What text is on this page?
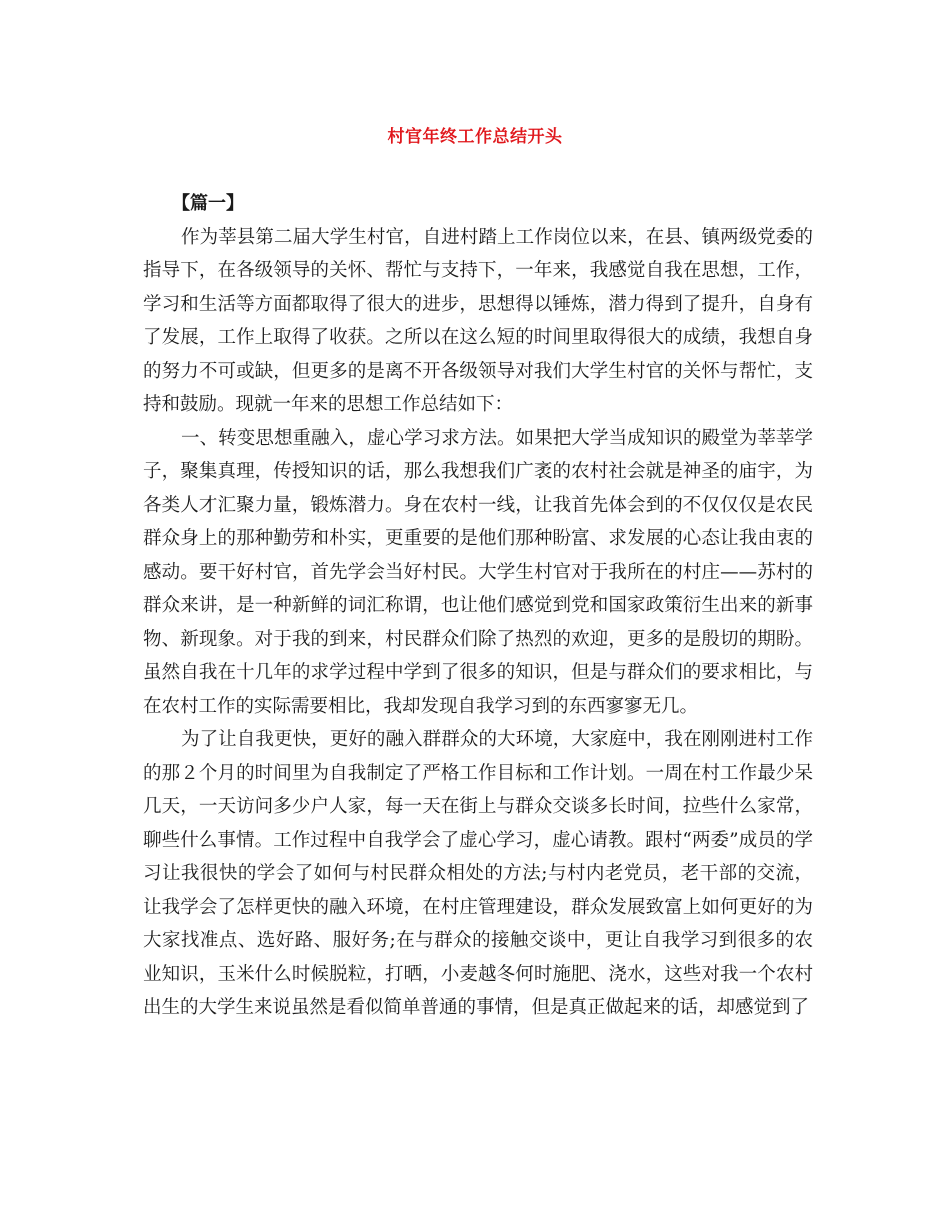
村官年终工作总结开头

【篇一】

作为莘县第二届大学生村官，自进村踏上工作岗位以来，在县、镇两级党委的指导下，在各级领导的关怀、帮忙与支持下，一年来，我感觉自我在思想，工作，学习和生活等方面都取得了很大的进步，思想得以锤炼，潜力得到了提升，自身有了发展，工作上取得了收获。之所以在这么短的时间里取得很大的成绩，我想自身的努力不可或缺，但更多的是离不开各级领导对我们大学生村官的关怀与帮忙，支持和鼓励。现就一年来的思想工作总结如下：

一、转变思想重融入，虚心学习求方法。如果把大学当成知识的殿堂为莘莘学子，聚集真理，传授知识的话，那么我想我们广袤的农村社会就是神圣的庙宇，为各类人才汇聚力量，锻炼潜力。身在农村一线，让我首先体会到的不仅仅仅是农民群众身上的那种勤劳和朴实，更重要的是他们那种盼富、求发展的心态让我由衷的感动。要干好村官，首先学会当好村民。大学生村官对于我所在的村庄——苏村的群众来讲，是一种新鲜的词汇称谓，也让他们感觉到党和国家政策衍生出来的新事物、新现象。对于我的到来，村民群众们除了热烈的欢迎，更多的是殷切的期盼。虽然自我在十几年的求学过程中学到了很多的知识，但是与群众们的要求相比，与在农村工作的实际需要相比，我却发现自我学习到的东西寥寥无几。

为了让自我更快，更好的融入群群众的大环境，大家庭中，我在刚刚进村工作的那２个月的时间里为自我制定了严格工作目标和工作计划。一周在村工作最少呆几天，一天访问多少户人家，每一天在街上与群众交谈多长时间，拉些什么家常，聊些什么事情。工作过程中自我学会了虚心学习，虚心请教。跟村“两委”成员的学习让我很快的学会了如何与村民群众相处的方法;与村内老党员，老干部的交流，让我学会了怎样更快的融入环境，在村庄管理建设，群众发展致富上如何更好的为大家找准点、选好路、服好务;在与群众的接触交谈中，更让自我学习到很多的农业知识，玉米什么时候脱粒，打晒，小麦越冬何时施肥、浇水，这些对我一个农村出生的大学生来说虽然是看似简单普通的事情，但是真正做起来的话，却感觉到了
